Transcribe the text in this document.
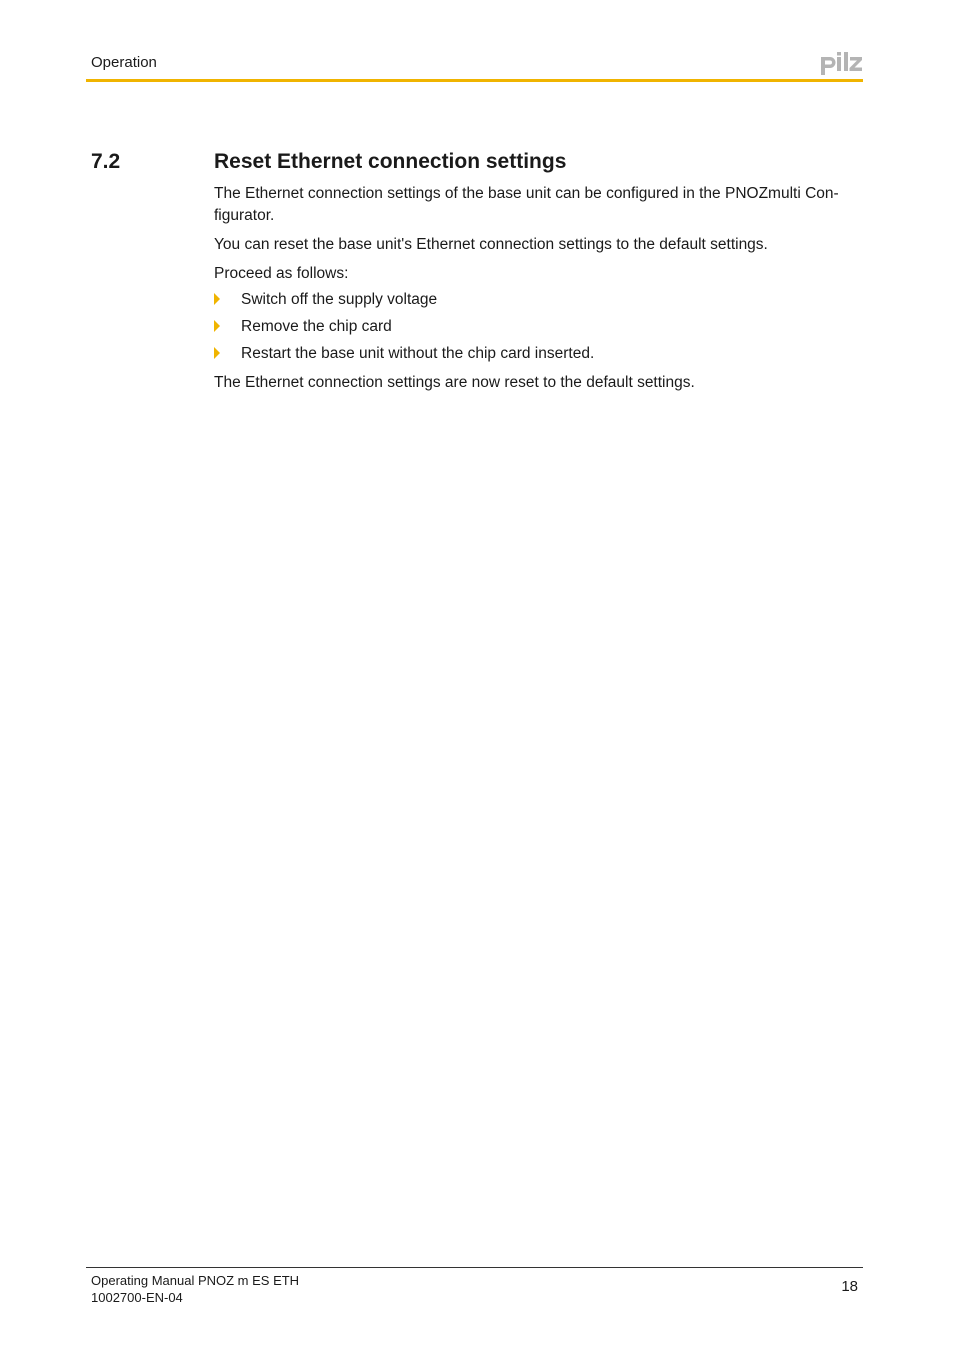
Operation
7.2	Reset Ethernet connection settings

The Ethernet connection settings of the base unit can be configured in the PNOZmulti Con-figurator.

You can reset the base unit's Ethernet connection settings to the default settings.

Proceed as follows:

Switch off the supply voltage
Remove the chip card
Restart the base unit without the chip card inserted.

The Ethernet connection settings are now reset to the default settings.

Operating Manual PNOZ m ES ETH
1002700-EN-04
18
